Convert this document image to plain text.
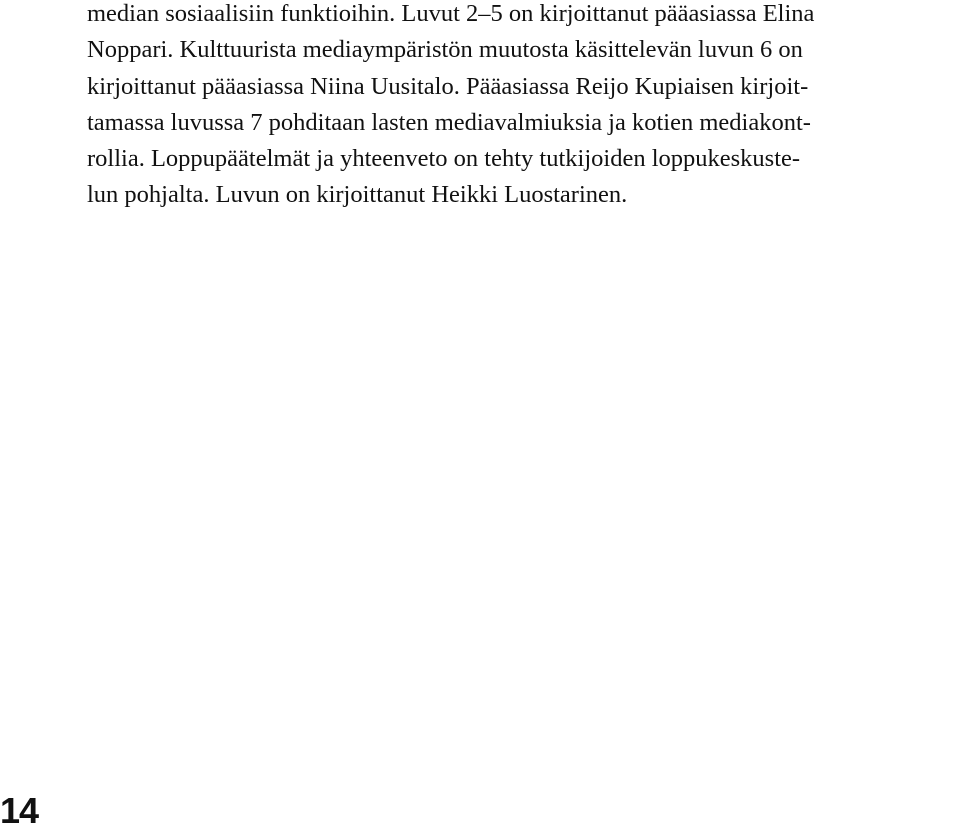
median sosiaalisiin funktioihin. Luvut 2–5 on kirjoittanut pääasiassa Elina
Noppari. Kulttuurista mediaympäristön muutosta käsittelevän luvun 6 on
kirjoittanut pääasiassa Niina Uusitalo. Pääasiassa Reijo Kupiaisen kirjoit-
tamassa luvussa 7 pohditaan lasten mediavalmiuksia ja kotien mediakont-
rollia. Loppupäätelmät ja yhteenveto on tehty tutkijoiden loppukeskuste-
lun pohjalta. Luvun on kirjoittanut Heikki Luostarinen.
14
